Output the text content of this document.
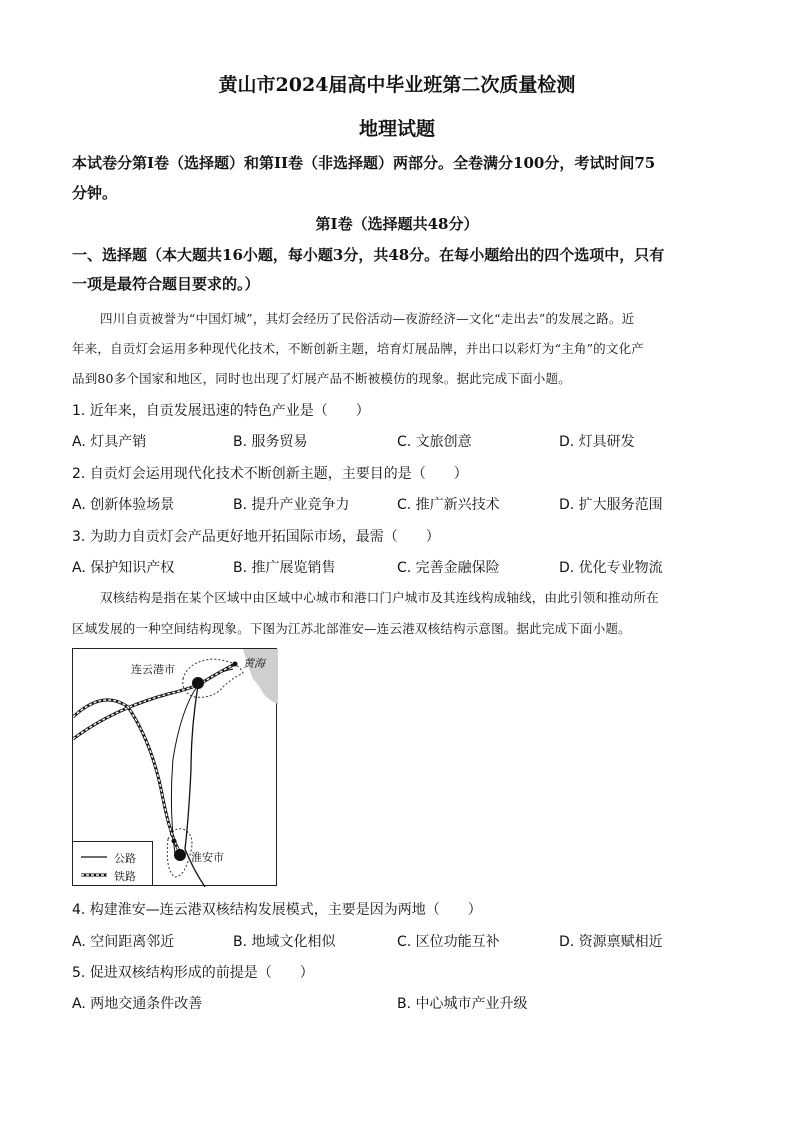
黄山市2024届高中毕业班第二次质量检测
地理试题
本试卷分第Ⅰ卷（选择题）和第II卷（非选择题）两部分。全卷满分100分，考试时间75
分钟。
第Ⅰ卷（选择题共48分）
一、选择题（本大题共16小题，每小题3分，共48分。在每小题给出的四个选项中，只有
一项是最符合题目要求的。）
四川自贡被誉为“中国灯城”，其灯会经历了民俗活动—夜游经济—文化“走出去”的发展之路。近
年来，自贡灯会运用多种现代化技术，不断创新主题，培育灯展品牌，并出口以彩灯为“主角”的文化产
品到80多个国家和地区，同时也出现了灯展产品不断被模仿的现象。据此完成下面小题。
1. 近年来，自贡发展迅速的特色产业是（　　）
A. 灯具产销	B. 服务贸易	C. 文旅创意	D. 灯具研发
2. 自贡灯会运用现代化技术不断创新主题，主要目的是（　　）
A. 创新体验场景	B. 提升产业竞争力	C. 推广新兴技术	D. 扩大服务范围
3. 为助力自贡灯会产品更好地开拓国际市场，最需（　　）
A. 保护知识产权	B. 推广展览销售	C. 完善金融保险	D. 优化专业物流
双核结构是指在某个区域中由区域中心城市和港口门户城市及其连线构成轴线，由此引领和推动所在
区域发展的一种空间结构现象。下图为江苏北部淮安—连云港双核结构示意图。据此完成下面小题。
连云港市	黄海
淮安市
公路
铁路
4. 构建淮安—连云港双核结构发展模式，主要是因为两地（　　）
A. 空间距离邻近	B. 地域文化相似	C. 区位功能互补	D. 资源禀赋相近
5. 促进双核结构形成的前提是（　　）
A. 两地交通条件改善	B. 中心城市产业升级
